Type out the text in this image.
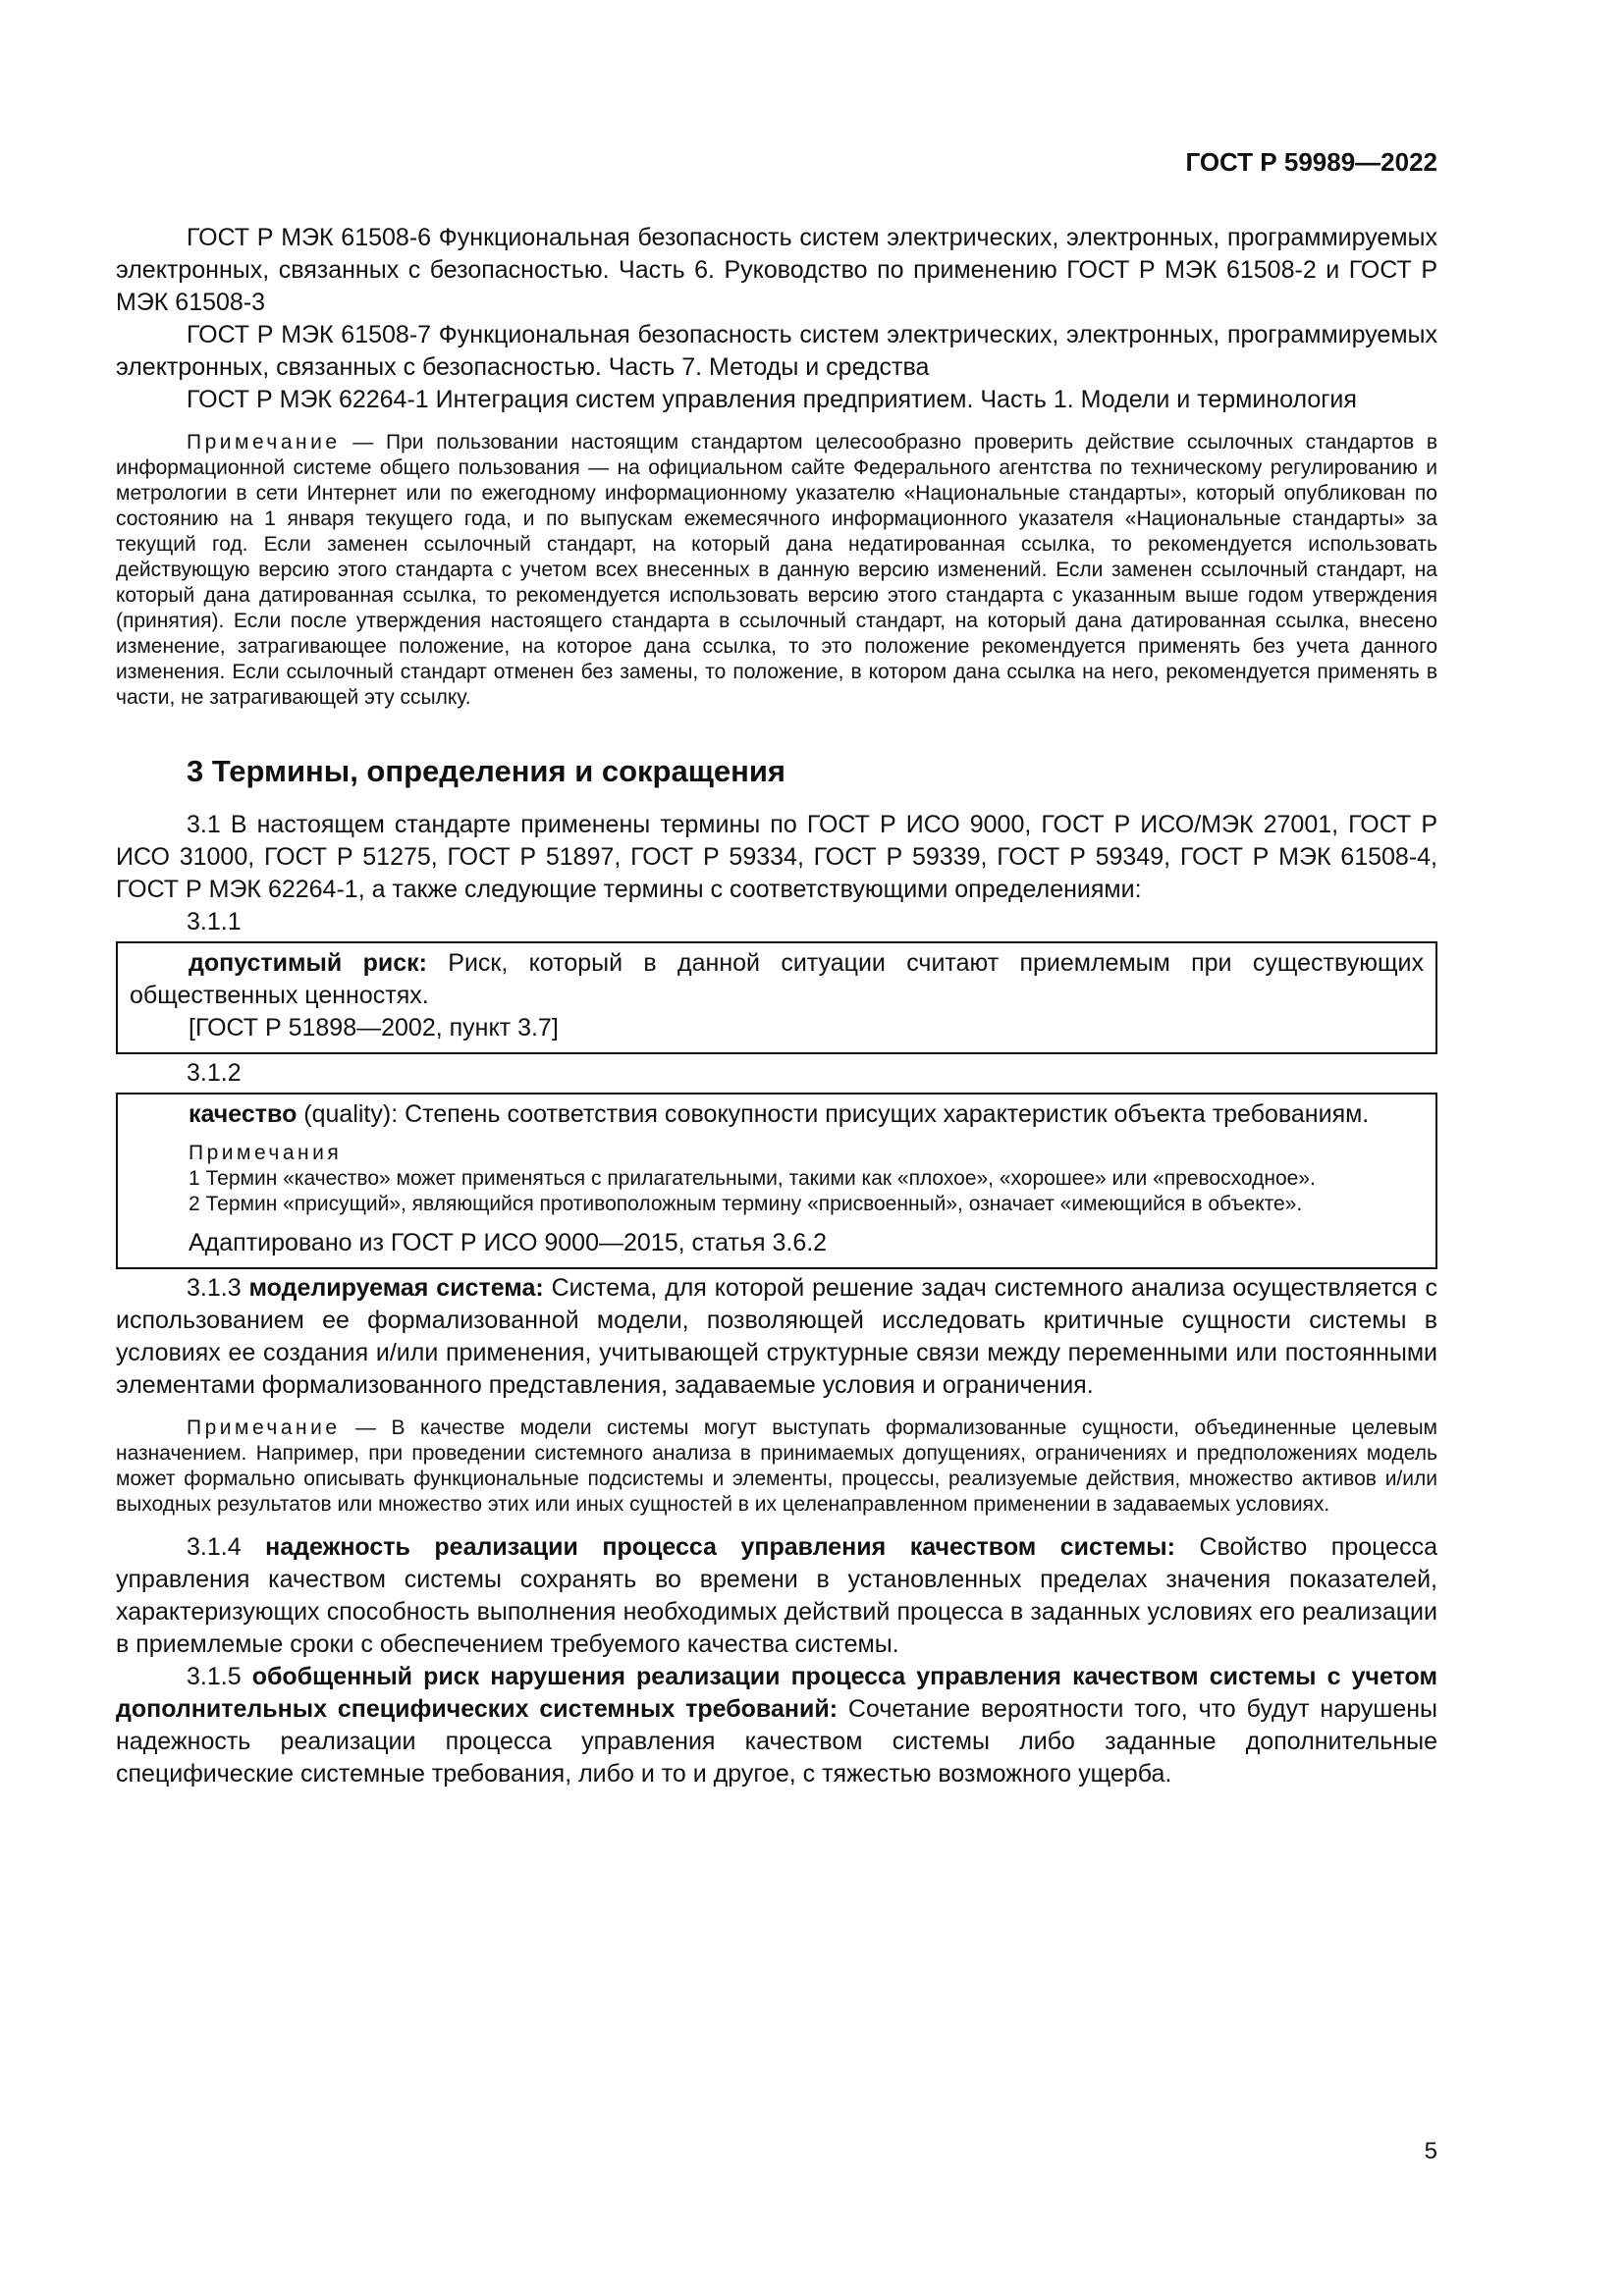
ГОСТ Р 59989—2022

ГОСТ Р МЭК 61508-6 Функциональная безопасность систем электрических, электронных, программируемых электронных, связанных с безопасностью. Часть 6. Руководство по применению ГОСТ Р МЭК 61508-2 и ГОСТ Р МЭК 61508-3

ГОСТ Р МЭК 61508-7 Функциональная безопасность систем электрических, электронных, программируемых электронных, связанных с безопасностью. Часть 7. Методы и средства

ГОСТ Р МЭК 62264-1 Интеграция систем управления предприятием. Часть 1. Модели и терминология

Примечание — При пользовании настоящим стандартом целесообразно проверить действие ссылочных стандартов в информационной системе общего пользования — на официальном сайте Федерального агентства по техническому регулированию и метрологии в сети Интернет или по ежегодному информационному указателю «Национальные стандарты», который опубликован по состоянию на 1 января текущего года, и по выпускам ежемесячного информационного указателя «Национальные стандарты» за текущий год. Если заменен ссылочный стандарт, на который дана недатированная ссылка, то рекомендуется использовать действующую версию этого стандарта с учетом всех внесенных в данную версию изменений. Если заменен ссылочный стандарт, на который дана датированная ссылка, то рекомендуется использовать версию этого стандарта с указанным выше годом утверждения (принятия). Если после утверждения настоящего стандарта в ссылочный стандарт, на который дана датированная ссылка, внесено изменение, затрагивающее положение, на которое дана ссылка, то это положение рекомендуется применять без учета данного изменения. Если ссылочный стандарт отменен без замены, то положение, в котором дана ссылка на него, рекомендуется применять в части, не затрагивающей эту ссылку.

3 Термины, определения и сокращения

3.1 В настоящем стандарте применены термины по ГОСТ Р ИСО 9000, ГОСТ Р ИСО/МЭК 27001, ГОСТ Р ИСО 31000, ГОСТ Р 51275, ГОСТ Р 51897, ГОСТ Р 59334, ГОСТ Р 59339, ГОСТ Р 59349, ГОСТ Р МЭК 61508-4, ГОСТ Р МЭК 62264-1, а также следующие термины с соответствующими определениями:

3.1.1

допустимый риск: Риск, который в данной ситуации считают приемлемым при существующих общественных ценностях.

[ГОСТ Р 51898—2002, пункт 3.7]

3.1.2

качество (quality): Степень соответствия совокупности присущих характеристик объекта требованиям.

Примечания

1 Термин «качество» может применяться с прилагательными, такими как «плохое», «хорошее» или «превосходное».

2 Термин «присущий», являющийся противоположным термину «присвоенный», означает «имеющийся в объекте».

Адаптировано из ГОСТ Р ИСО 9000—2015, статья 3.6.2

3.1.3 моделируемая система: Система, для которой решение задач системного анализа осуществляется с использованием ее формализованной модели, позволяющей исследовать критичные сущности системы в условиях ее создания и/или применения, учитывающей структурные связи между переменными или постоянными элементами формализованного представления, задаваемые условия и ограничения.

Примечание — В качестве модели системы могут выступать формализованные сущности, объединенные целевым назначением. Например, при проведении системного анализа в принимаемых допущениях, ограничениях и предположениях модель может формально описывать функциональные подсистемы и элементы, процессы, реализуемые действия, множество активов и/или выходных результатов или множество этих или иных сущностей в их целенаправленном применении в задаваемых условиях.

3.1.4 надежность реализации процесса управления качеством системы: Свойство процесса управления качеством системы сохранять во времени в установленных пределах значения показателей, характеризующих способность выполнения необходимых действий процесса в заданных условиях его реализации в приемлемые сроки с обеспечением требуемого качества системы.

3.1.5 обобщенный риск нарушения реализации процесса управления качеством системы с учетом дополнительных специфических системных требований: Сочетание вероятности того, что будут нарушены надежность реализации процесса управления качеством системы либо заданные дополнительные специфические системные требования, либо и то и другое, с тяжестью возможного ущерба.

5
